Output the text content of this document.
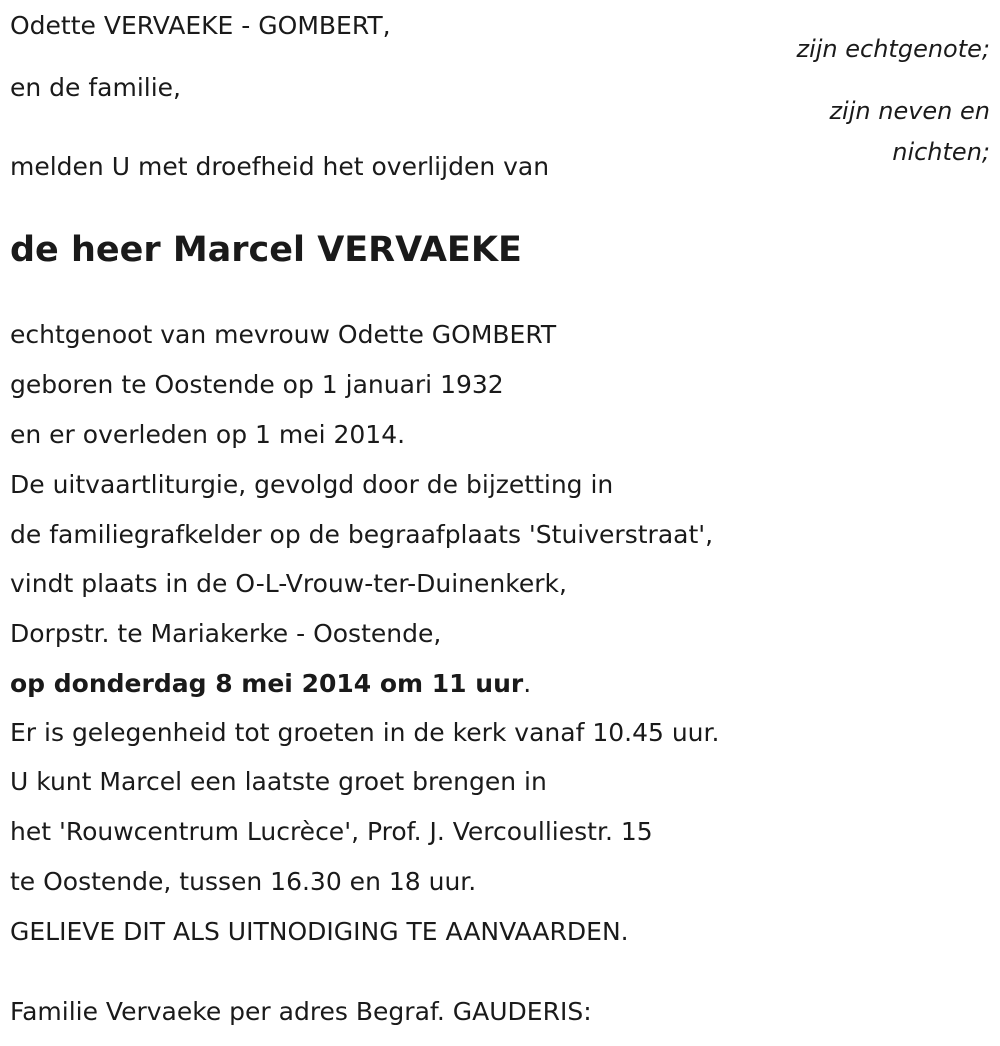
Odette VERVAEKE - GOMBERT,
zijn echtgenote;
en de familie,
zijn neven en
nichten;
melden U met droefheid het overlijden van
de heer Marcel VERVAEKE
echtgenoot van mevrouw Odette GOMBERT
geboren te Oostende op 1 januari 1932
en er overleden op 1 mei 2014.
De uitvaartliturgie, gevolgd door de bijzetting in
de familiegrafkelder op de begraafplaats 'Stuiverstraat',
vindt plaats in de O-L-Vrouw-ter-Duinenkerk,
Dorpstr. te Mariakerke - Oostende,
op donderdag 8 mei 2014 om 11 uur.
Er is gelegenheid tot groeten in de kerk vanaf 10.45 uur.
U kunt Marcel een laatste groet brengen in
het 'Rouwcentrum Lucrèce', Prof. J. Vercoulliestr. 15
te Oostende, tussen 16.30 en 18 uur.
GELIEVE DIT ALS UITNODIGING TE AANVAARDEN.
Familie Vervaeke per adres Begraf. GAUDERIS:
